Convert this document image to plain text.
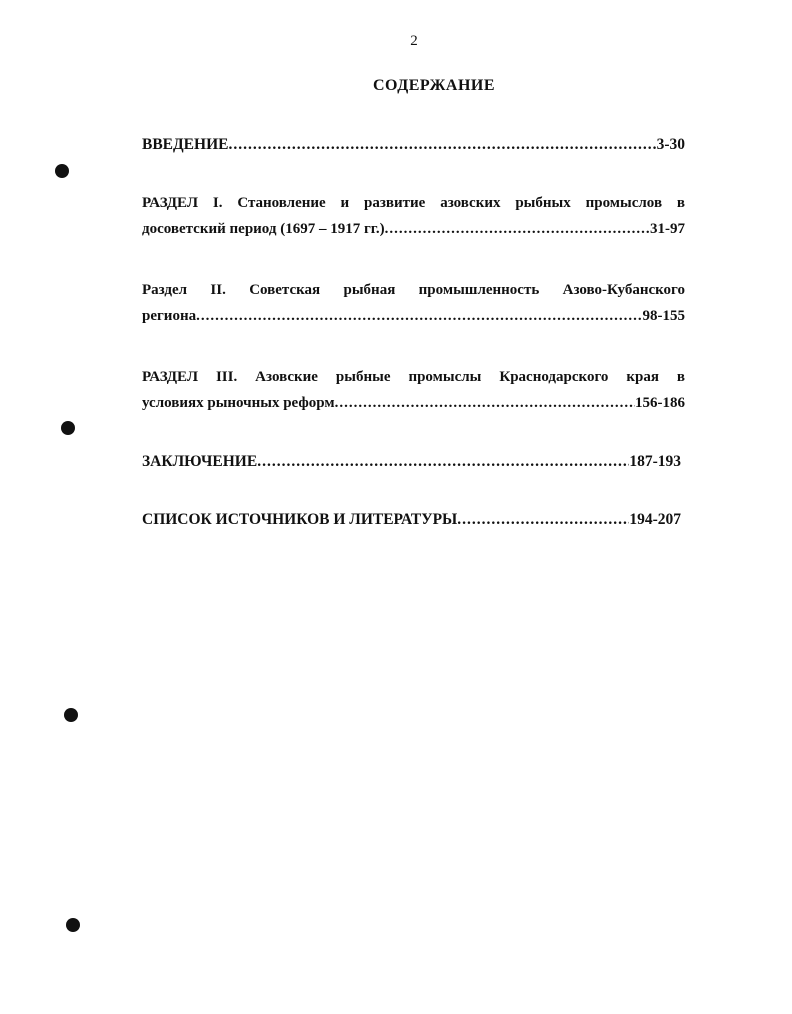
2
СОДЕРЖАНИЕ
ВВЕДЕНИЕ .....	3-30
РАЗДЕЛ I. Становление и развитие азовских рыбных промыслов в
досоветский период (1697 – 1917 гг.) .....	31-97
Раздел II. Советская рыбная промышленность Азово-Кубанского
региона .....	98-155
РАЗДЕЛ III. Азовские рыбные промыслы Краснодарского края в
условиях рыночных реформ .....	156-186
ЗАКЛЮЧЕНИЕ .....	187-193
СПИСОК ИСТОЧНИКОВ И ЛИТЕРАТУРЫ .....	194-207
